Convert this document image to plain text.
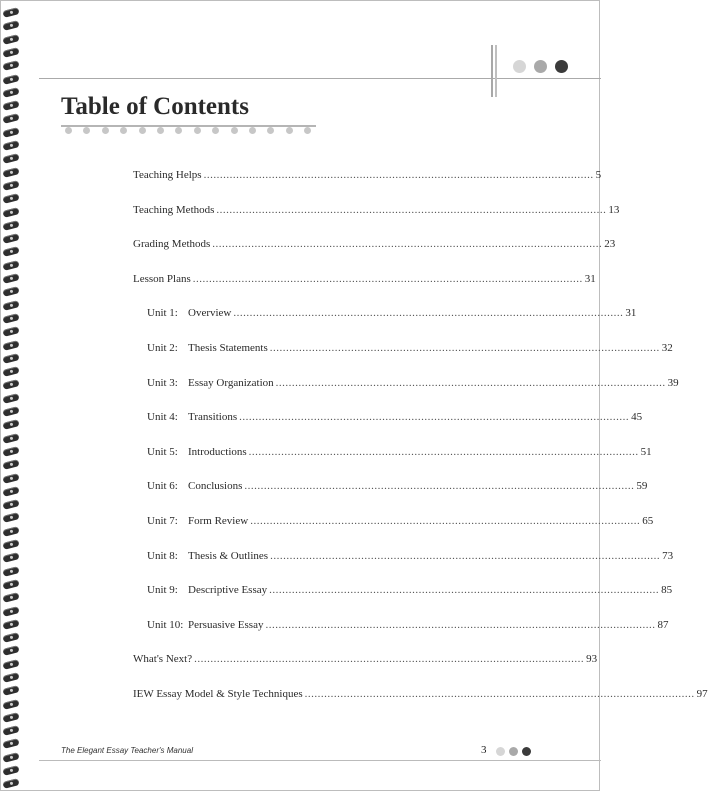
Table of Contents
Teaching Helps ........................................................................................................................ 5
Teaching Methods ........................................................................................................................ 13
Grading Methods ........................................................................................................................ 23
Lesson Plans ........................................................................................................................ 31
Unit 1: Overview ........................................................................................................................ 31
Unit 2: Thesis Statements ........................................................................................................................ 32
Unit 3: Essay Organization ........................................................................................................................ 39
Unit 4: Transitions ........................................................................................................................ 45
Unit 5: Introductions ........................................................................................................................ 51
Unit 6: Conclusions ........................................................................................................................ 59
Unit 7: Form Review ........................................................................................................................ 65
Unit 8: Thesis & Outlines ........................................................................................................................ 73
Unit 9: Descriptive Essay ........................................................................................................................ 85
Unit 10: Persuasive Essay ........................................................................................................................ 87
What's Next? ........................................................................................................................ 93
IEW Essay Model & Style Techniques ........................................................................................................................ 97
The Elegant Essay Teacher's Manual	3
